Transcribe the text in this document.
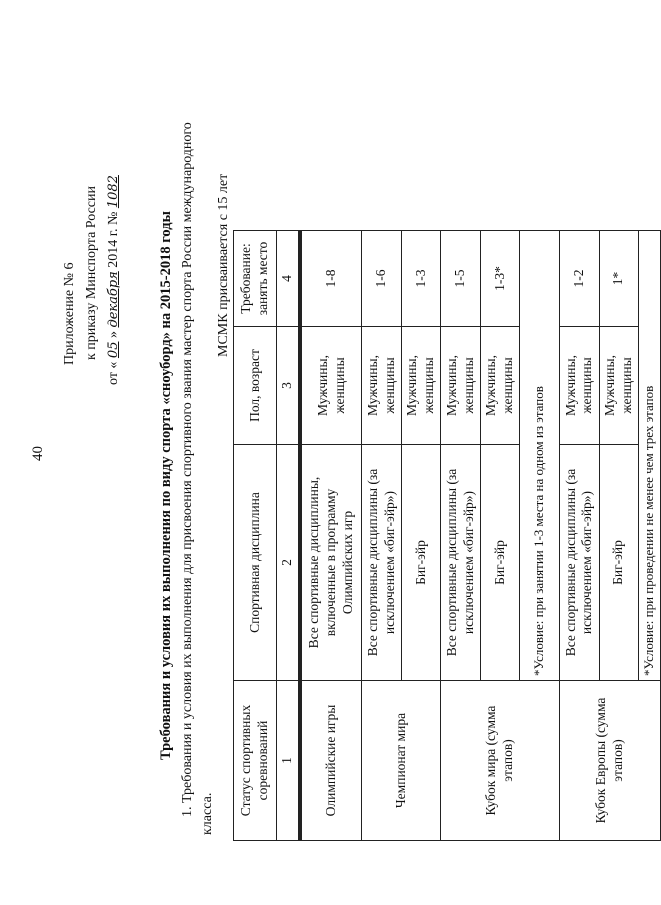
40
Приложение № 6 к приказу Минспорта России
от « 05 » декабря 2014 г. № 1082
Требования и условия их выполнения по виду спорта «сноуборд» на 2015-2018 годы 1. Требования и условия их выполнения для присвоения спортивного звания мастер спорта России международного класса.
МСМК присваивается с 15 лет
Статус спортивных соревнований	Спортивная дисциплина	Пол, возраст	Требование: занять место
1	2	3	4
Олимпийские игры	Все спортивные дисциплины, включенные в программу Олимпийских игр	Мужчины, женщины	1-8
Чемпионат мира	Все спортивные дисциплины (за исключением «биг-эйр»)	Мужчины, женщины	1-6
	Биг-эйр	Мужчины, женщины	1-3
Кубок мира (сумма этапов)	Все спортивные дисциплины (за исключением «биг-эйр»)	Мужчины, женщины	1-5
	Биг-эйр	Мужчины, женщины	1-3*
	*Условие: при занятии 1-3 места на одном из этапов		
Кубок Европы (сумма этапов)	Все спортивные дисциплины (за исключением «биг-эйр»)	Мужчины, женщины	1-2
	Биг-эйр	Мужчины, женщины	1*
	*Условие: при проведении не менее чем трех этапов		
